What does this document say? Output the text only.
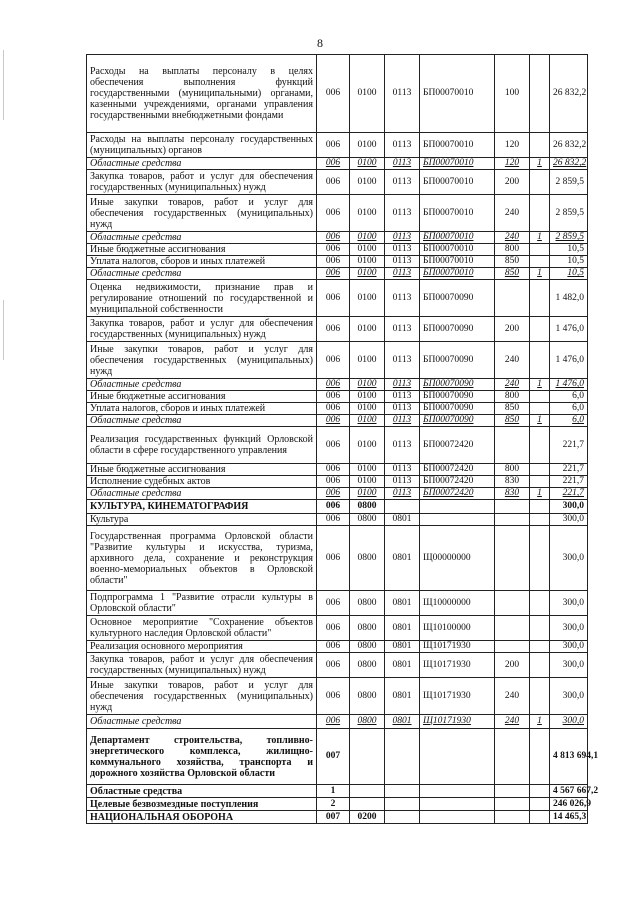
8
Расходы на выплаты персоналу в целях обеспечения выполнения функций государственными (муниципальными) органами, казенными учреждениями, органами управления государственными внебюджетными фондами	006	0100	0113	БП00070010	100		26 832,2
Расходы на выплаты персоналу государственных (муниципальных) органов	006	0100	0113	БП00070010	120		26 832,2
Областные средства	006	0100	0113	БП00070010	120	1	26 832,2
Закупка товаров, работ и услуг для обеспечения государственных (муниципальных) нужд	006	0100	0113	БП00070010	200		2 859,5
Иные закупки товаров, работ и услуг для обеспечения государственных (муниципальных) нужд	006	0100	0113	БП00070010	240		2 859,5
Областные средства	006	0100	0113	БП00070010	240	1	2 859,5
Иные бюджетные ассигнования	006	0100	0113	БП00070010	800		10,5
Уплата налогов, сборов и иных платежей	006	0100	0113	БП00070010	850		10,5
Областные средства	006	0100	0113	БП00070010	850	1	10,5
Оценка недвижимости, признание прав и регулирование отношений по государственной и муниципальной собственности	006	0100	0113	БП00070090			1 482,0
Закупка товаров, работ и услуг для обеспечения государственных (муниципальных) нужд	006	0100	0113	БП00070090	200		1 476,0
Иные закупки товаров, работ и услуг для обеспечения государственных (муниципальных) нужд	006	0100	0113	БП00070090	240		1 476,0
Областные средства	006	0100	0113	БП00070090	240	1	1 476,0
Иные бюджетные ассигнования	006	0100	0113	БП00070090	800		6,0
Уплата налогов, сборов и иных платежей	006	0100	0113	БП00070090	850		6,0
Областные средства	006	0100	0113	БП00070090	850	1	6,0
Реализация государственных функций Орловской области в сфере государственного управления	006	0100	0113	БП00072420			221,7
Иные бюджетные ассигнования	006	0100	0113	БП00072420	800		221,7
Исполнение судебных актов	006	0100	0113	БП00072420	830		221,7
Областные средства	006	0100	0113	БП00072420	830	1	221,7
КУЛЬТУРА, КИНЕМАТОГРАФИЯ	006	0800					300,0
Культура	006	0800	0801				300,0
Государственная программа Орловской области "Развитие культуры и искусства, туризма, архивного дела, сохранение и реконструкция военно-мемориальных объектов в Орловской области"	006	0800	0801	Щ00000000			300,0
Подпрограмма 1 "Развитие отрасли культуры в Орловской области"	006	0800	0801	Щ10000000			300,0
Основное мероприятие "Сохранение объектов культурного наследия Орловской области"	006	0800	0801	Щ10100000			300,0
Реализация основного мероприятия	006	0800	0801	Щ10171930			300,0
Закупка товаров, работ и услуг для обеспечения государственных (муниципальных) нужд	006	0800	0801	Щ10171930	200		300,0
Иные закупки товаров, работ и услуг для обеспечения государственных (муниципальных) нужд	006	0800	0801	Щ10171930	240		300,0
Областные средства	006	0800	0801	Щ10171930	240	1	300,0
Департамент строительства, топливно-энергетического комплекса, жилищно-коммунального хозяйства, транспорта и дорожного хозяйства Орловской области	007						4 813 694,1
Областные средства	1						4 567 667,2
Целевые безвозмездные поступления	2						246 026,9
НАЦИОНАЛЬНАЯ ОБОРОНА	007	0200					14 465,3
